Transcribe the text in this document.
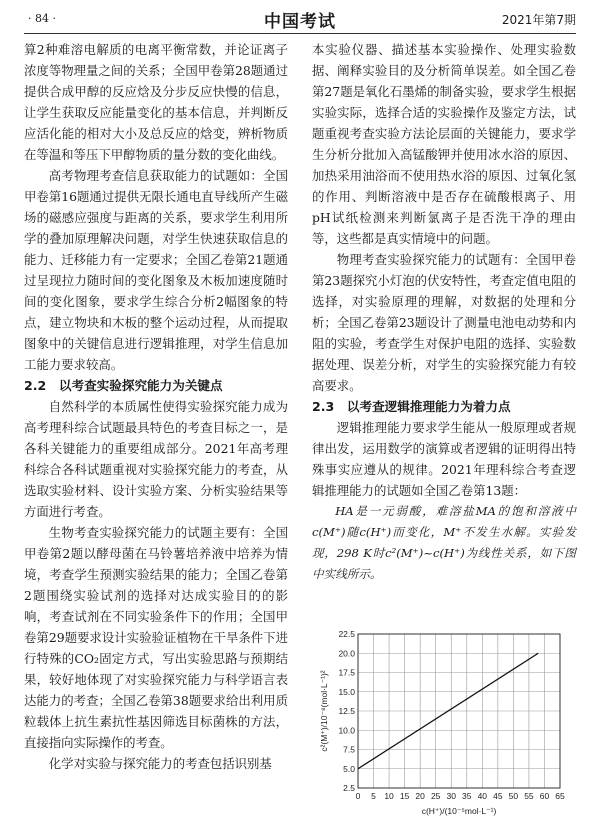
· 84 ·	中国考试	2021年第7期

算2种难溶电解质的电离平衡常数，并论证离子浓度等物理量之间的关系；全国甲卷第28题通过提供合成甲醇的反应焓及分步反应快慢的信息，让学生获取反应能量变化的基本信息，并判断反应活化能的相对大小及总反应的焓变，辨析物质在等温和等压下甲醇物质的量分数的变化曲线。

高考物理考查信息获取能力的试题如：全国甲卷第16题通过提供无限长通电直导线所产生磁场的磁感应强度与距离的关系，要求学生利用所学的叠加原理解决问题，对学生快速获取信息的能力、迁移能力有一定要求；全国乙卷第21题通过呈现拉力随时间的变化图象及木板加速度随时间的变化图象，要求学生综合分析2幅图象的特点，建立物块和木板的整个运动过程，从而提取图象中的关键信息进行逻辑推理，对学生信息加工能力要求较高。

2.2　以考查实验探究能力为关键点

自然科学的本质属性使得实验探究能力成为高考理科综合试题最具特色的考查目标之一，是各科关键能力的重要组成部分。2021年高考理科综合各科试题重视对实验探究能力的考查，从选取实验材料、设计实验方案、分析实验结果等方面进行考查。

生物考查实验探究能力的试题主要有：全国甲卷第2题以酵母菌在马铃薯培养液中培养为情境，考查学生预测实验结果的能力；全国乙卷第2题围绕实验试剂的选择对达成实验目的的影响，考查试剂在不同实验条件下的作用；全国甲卷第29题要求设计实验验证植物在干旱条件下进行特殊的CO₂固定方式，写出实验思路与预期结果，较好地体现了对实验探究能力与科学语言表达能力的考查；全国乙卷第38题要求给出利用质粒载体上抗生素抗性基因筛选目标菌株的方法，直接指向实际操作的考查。

化学对实验与探究能力的考查包括识别基

本实验仪器、描述基本实验操作、处理实验数据、阐释实验目的及分析简单误差。如全国乙卷第27题是氧化石墨烯的制备实验，要求学生根据实验实际，选择合适的实验操作及鉴定方法，试题重视考查实验方法论层面的关键能力，要求学生分析分批加入高锰酸钾并使用冰水浴的原因、加热采用油浴而不使用热水浴的原因、过氧化氢的作用、判断溶液中是否存在硫酸根离子、用pH试纸检测来判断氯离子是否洗干净的理由等，这些都是真实情境中的问题。

物理考查实验探究能力的试题有：全国甲卷第23题探究小灯泡的伏安特性，考查定值电阻的选择，对实验原理的理解，对数据的处理和分析；全国乙卷第23题设计了测量电池电动势和内阻的实验，考查学生对保护电阻的选择、实验数据处理、误差分析，对学生的实验探究能力有较高要求。

2.3　以考查逻辑推理能力为着力点

逻辑推理能力要求学生能从一般原理或者规律出发，运用数学的演算或者逻辑的证明得出特殊事实应遵从的规律。2021年理科综合考查逻辑推理能力的试题如全国乙卷第13题：

HA是一元弱酸，难溶盐MA的饱和溶液中c(M⁺)随c(H⁺)而变化，M⁺不发生水解。实验发现，298 K时c²(M⁺)~c(H⁺)为线性关系，如下图中实线所示。

0 5 10 15 20 25 30 35 40 45 50 55 60 65
2.5
5.0
7.5
10.0
12.5
15.0
17.5
20.0
22.5
c(H⁺)/(10⁻⁵mol·L⁻¹)
c²(M⁺)/10⁻⁸(mol·L⁻¹)²
